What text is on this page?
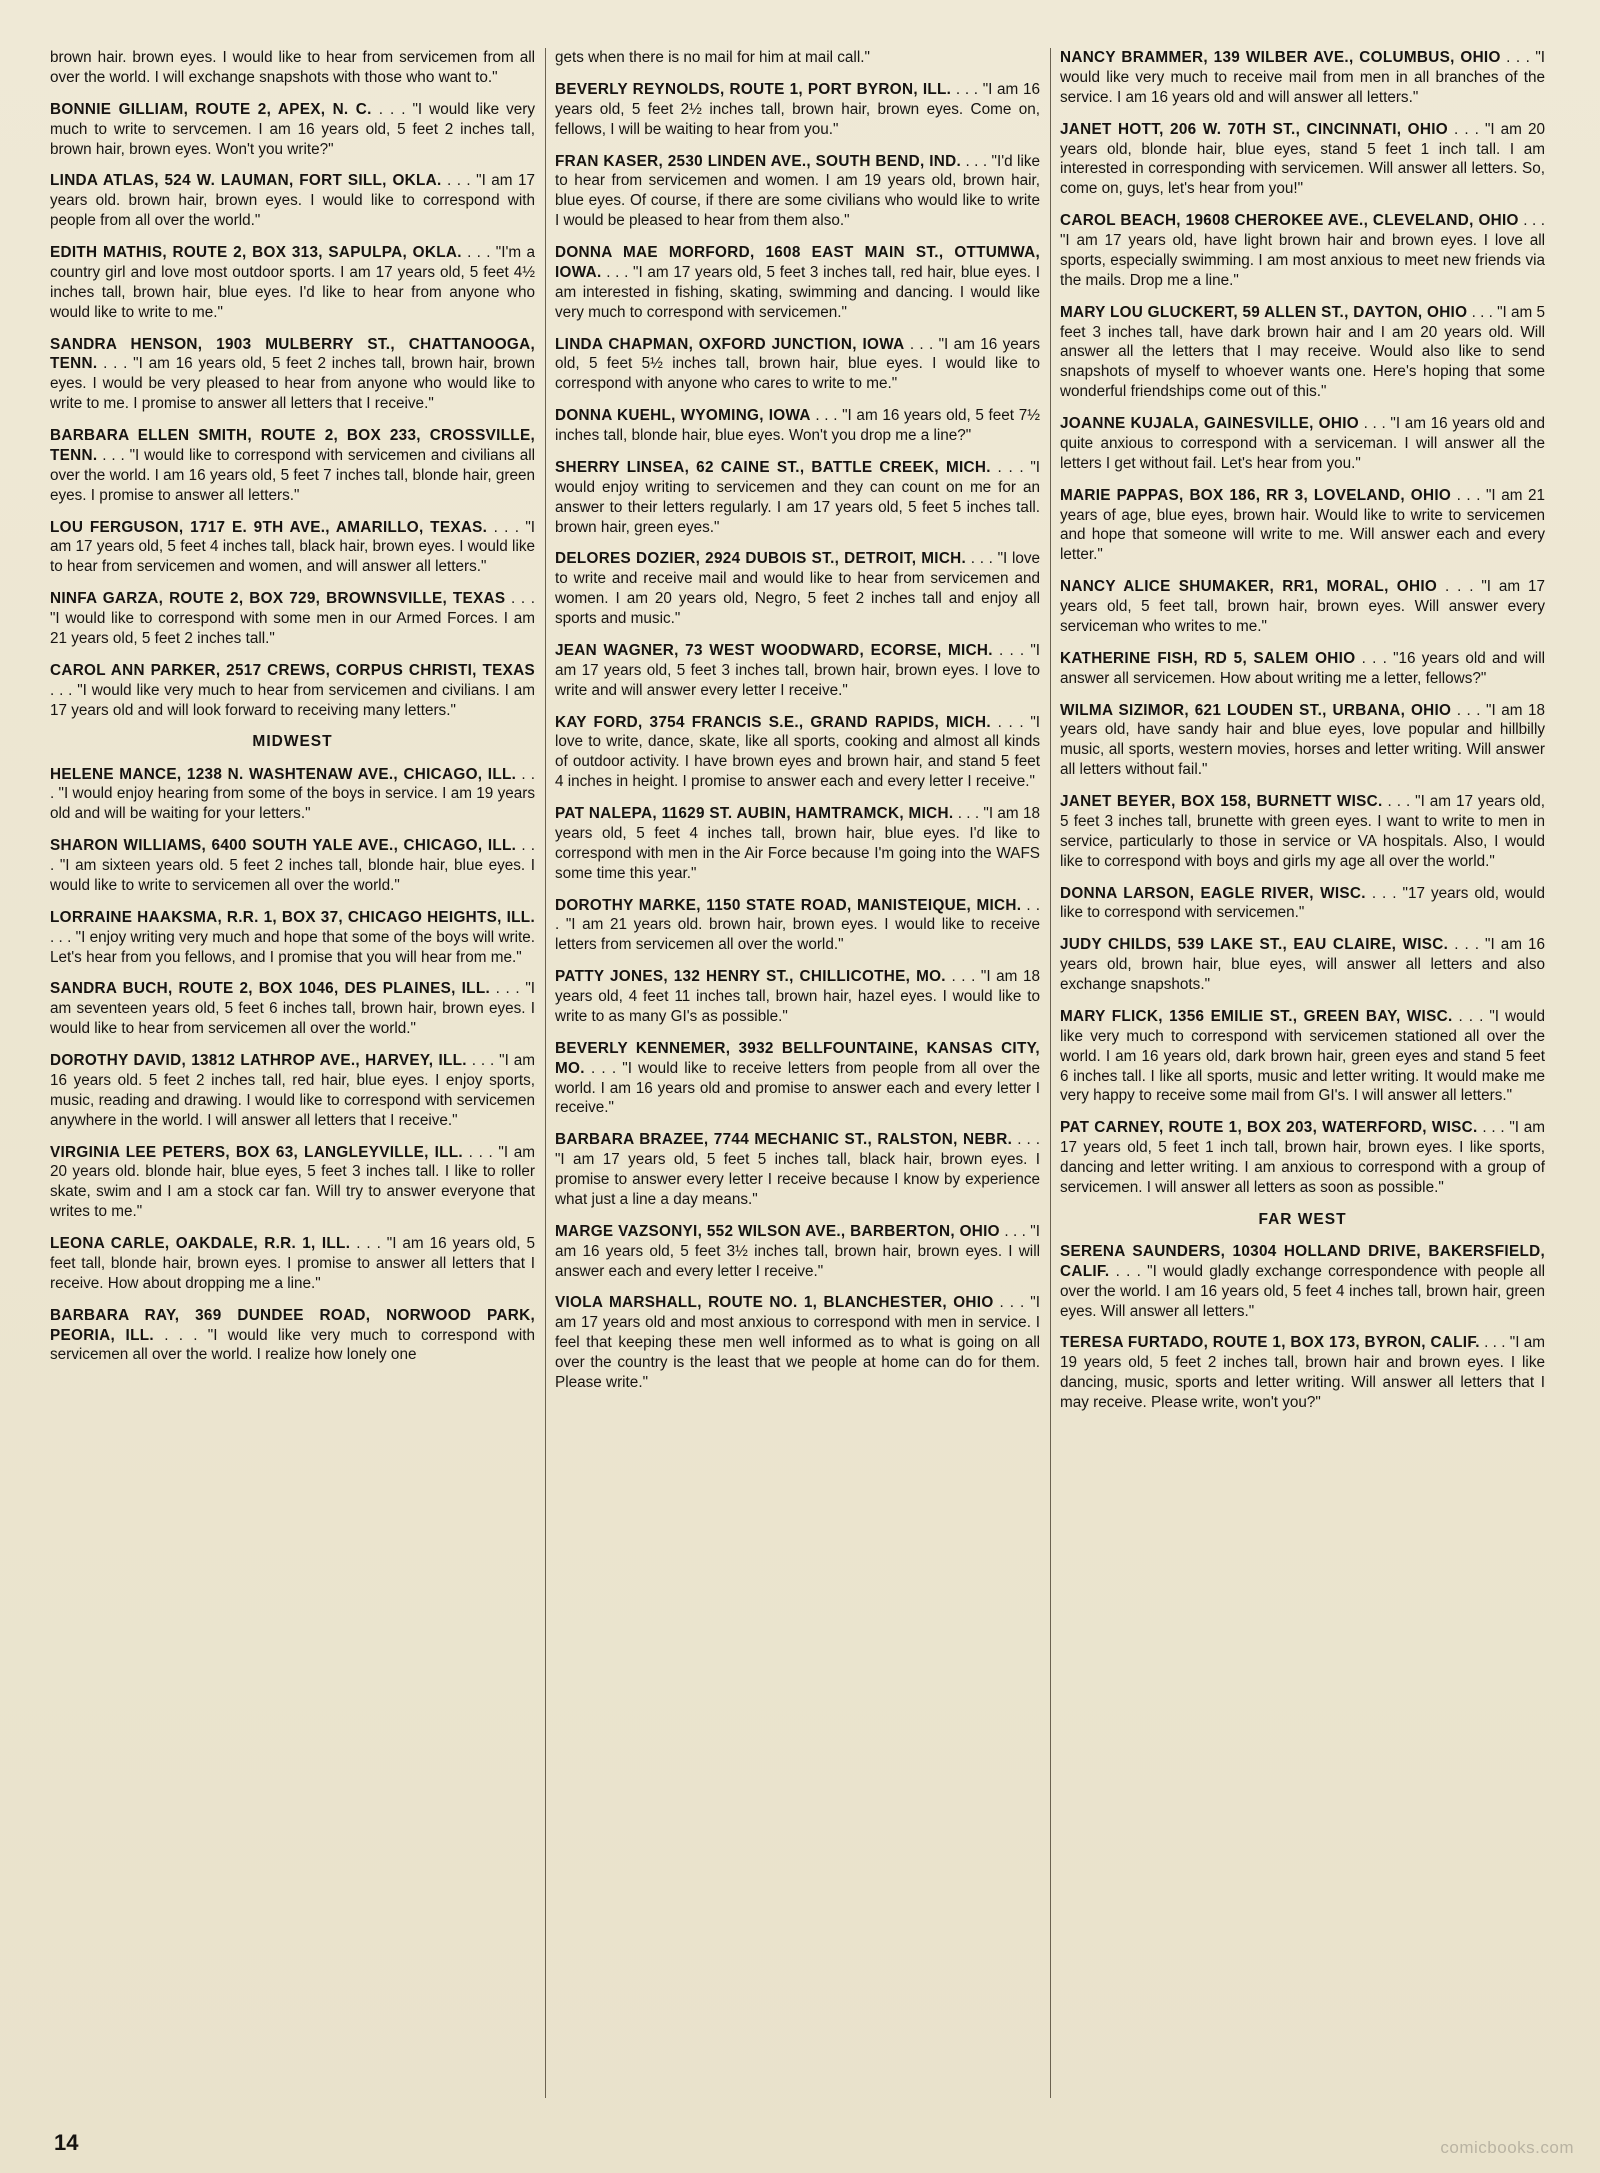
brown hair. brown eyes. I would like to hear from servicemen from all over the world. I will exchange snapshots with those who want to."

BONNIE GILLIAM, ROUTE 2, APEX, N. C. . . . "I would like very much to write to servcemen. I am 16 years old, 5 feet 2 inches tall, brown hair, brown eyes. Won't you write?"

LINDA ATLAS, 524 W. LAUMAN, FORT SILL, OKLA. . . . "I am 17 years old. brown hair, brown eyes. I would like to correspond with people from all over the world."

EDITH MATHIS, ROUTE 2, BOX 313, SAPULPA, OKLA. . . . "I'm a country girl and love most outdoor sports. I am 17 years old, 5 feet 4½ inches tall, brown hair, blue eyes. I'd like to hear from anyone who would like to write to me."

SANDRA HENSON, 1903 MULBERRY ST., CHATTANOOGA, TENN. . . . "I am 16 years old, 5 feet 2 inches tall, brown hair, brown eyes. I would be very pleased to hear from anyone who would like to write to me. I promise to answer all letters that I receive."

BARBARA ELLEN SMITH, ROUTE 2, BOX 233, CROSSVILLE, TENN. . . . "I would like to correspond with servicemen and civilians all over the world. I am 16 years old, 5 feet 7 inches tall, blonde hair, green eyes. I promise to answer all letters."

LOU FERGUSON, 1717 E. 9TH AVE., AMARILLO, TEXAS. . . . "I am 17 years old, 5 feet 4 inches tall, black hair, brown eyes. I would like to hear from servicemen and women, and will answer all letters."

NINFA GARZA, ROUTE 2, BOX 729, BROWNSVILLE, TEXAS . . . "I would like to correspond with some men in our Armed Forces. I am 21 years old, 5 feet 2 inches tall."

CAROL ANN PARKER, 2517 CREWS, CORPUS CHRISTI, TEXAS . . . "I would like very much to hear from servicemen and civilians. I am 17 years old and will look forward to receiving many letters."

MIDWEST

HELENE MANCE, 1238 N. WASHTENAW AVE., CHICAGO, ILL. . . . "I would enjoy hearing from some of the boys in service. I am 19 years old and will be waiting for your letters."

SHARON WILLIAMS, 6400 SOUTH YALE AVE., CHICAGO, ILL. . . . "I am sixteen years old. 5 feet 2 inches tall, blonde hair, blue eyes. I would like to write to servicemen all over the world."

LORRAINE HAAKSMA, R.R. 1, BOX 37, CHICAGO HEIGHTS, ILL. . . . "I enjoy writing very much and hope that some of the boys will write. Let's hear from you fellows, and I promise that you will hear from me."

SANDRA BUCH, ROUTE 2, BOX 1046, DES PLAINES, ILL. . . . "I am seventeen years old, 5 feet 6 inches tall, brown hair, brown eyes. I would like to hear from servicemen all over the world."

DOROTHY DAVID, 13812 LATHROP AVE., HARVEY, ILL. . . . "I am 16 years old. 5 feet 2 inches tall, red hair, blue eyes. I enjoy sports, music, reading and drawing. I would like to correspond with servicemen anywhere in the world. I will answer all letters that I receive."

VIRGINIA LEE PETERS, BOX 63, LANGLEYVILLE, ILL. . . . "I am 20 years old. blonde hair, blue eyes, 5 feet 3 inches tall. I like to roller skate, swim and I am a stock car fan. Will try to answer everyone that writes to me."

LEONA CARLE, OAKDALE, R.R. 1, ILL. . . . "I am 16 years old, 5 feet tall, blonde hair, brown eyes. I promise to answer all letters that I receive. How about dropping me a line."

BARBARA RAY, 369 DUNDEE ROAD, NORWOOD PARK, PEORIA, ILL. . . . "I would like very much to correspond with servicemen all over the world. I realize how lonely one

gets when there is no mail for him at mail call."

BEVERLY REYNOLDS, ROUTE 1, PORT BYRON, ILL. . . . "I am 16 years old, 5 feet 2½ inches tall, brown hair, brown eyes. Come on, fellows, I will be waiting to hear from you."

FRAN KASER, 2530 LINDEN AVE., SOUTH BEND, IND. . . . "I'd like to hear from servicemen and women. I am 19 years old, brown hair, blue eyes. Of course, if there are some civilians who would like to write I would be pleased to hear from them also."

DONNA MAE MORFORD, 1608 EAST MAIN ST., OTTUMWA, IOWA. . . . "I am 17 years old, 5 feet 3 inches tall, red hair, blue eyes. I am interested in fishing, skating, swimming and dancing. I would like very much to correspond with servicemen."

LINDA CHAPMAN, OXFORD JUNCTION, IOWA . . . "I am 16 years old, 5 feet 5½ inches tall, brown hair, blue eyes. I would like to correspond with anyone who cares to write to me."

DONNA KUEHL, WYOMING, IOWA . . . "I am 16 years old, 5 feet 7½ inches tall, blonde hair, blue eyes. Won't you drop me a line?"

SHERRY LINSEA, 62 CAINE ST., BATTLE CREEK, MICH. . . . "I would enjoy writing to servicemen and they can count on me for an answer to their letters regularly. I am 17 years old, 5 feet 5 inches tall. brown hair, green eyes."

DELORES DOZIER, 2924 DUBOIS ST., DETROIT, MICH. . . . "I love to write and receive mail and would like to hear from servicemen and women. I am 20 years old, Negro, 5 feet 2 inches tall and enjoy all sports and music."

JEAN WAGNER, 73 WEST WOODWARD, ECORSE, MICH. . . . "I am 17 years old, 5 feet 3 inches tall, brown hair, brown eyes. I love to write and will answer every letter I receive."

KAY FORD, 3754 FRANCIS S.E., GRAND RAPIDS, MICH. . . . "I love to write, dance, skate, like all sports, cooking and almost all kinds of outdoor activity. I have brown eyes and brown hair, and stand 5 feet 4 inches in height. I promise to answer each and every letter I receive."

PAT NALEPA, 11629 ST. AUBIN, HAMTRAMCK, MICH. . . . "I am 18 years old, 5 feet 4 inches tall, brown hair, blue eyes. I'd like to correspond with men in the Air Force because I'm going into the WAFS some time this year."

DOROTHY MARKE, 1150 STATE ROAD, MANISTEIQUE, MICH. . . . "I am 21 years old. brown hair, brown eyes. I would like to receive letters from servicemen all over the world."

PATTY JONES, 132 HENRY ST., CHILLICOTHE, MO. . . . "I am 18 years old, 4 feet 11 inches tall, brown hair, hazel eyes. I would like to write to as many GI's as possible."

BEVERLY KENNEMER, 3932 BELLFOUNTAINE, KANSAS CITY, MO. . . . "I would like to receive letters from people from all over the world. I am 16 years old and promise to answer each and every letter I receive."

BARBARA BRAZEE, 7744 MECHANIC ST., RALSTON, NEBR. . . . "I am 17 years old, 5 feet 5 inches tall, black hair, brown eyes. I promise to answer every letter I receive because I know by experience what just a line a day means."

MARGE VAZSONYI, 552 WILSON AVE., BARBERTON, OHIO . . . "I am 16 years old, 5 feet 3½ inches tall, brown hair, brown eyes. I will answer each and every letter I receive."

VIOLA MARSHALL, ROUTE NO. 1, BLANCHESTER, OHIO . . . "I am 17 years old and most anxious to correspond with men in service. I feel that keeping these men well informed as to what is going on all over the country is the least that we people at home can do for them. Please write."

NANCY BRAMMER, 139 WILBER AVE., COLUMBUS, OHIO . . . "I would like very much to receive mail from men in all branches of the service. I am 16 years old and will answer all letters."

JANET HOTT, 206 W. 70TH ST., CINCINNATI, OHIO . . . "I am 20 years old, blonde hair, blue eyes, stand 5 feet 1 inch tall. I am interested in corresponding with servicemen. Will answer all letters. So, come on, guys, let's hear from you!"

CAROL BEACH, 19608 CHEROKEE AVE., CLEVELAND, OHIO . . . "I am 17 years old, have light brown hair and brown eyes. I love all sports, especially swimming. I am most anxious to meet new friends via the mails. Drop me a line."

MARY LOU GLUCKERT, 59 ALLEN ST., DAYTON, OHIO . . . "I am 5 feet 3 inches tall, have dark brown hair and I am 20 years old. Will answer all the letters that I may receive. Would also like to send snapshots of myself to whoever wants one. Here's hoping that some wonderful friendships come out of this."

JOANNE KUJALA, GAINESVILLE, OHIO . . . "I am 16 years old and quite anxious to correspond with a serviceman. I will answer all the letters I get without fail. Let's hear from you."

MARIE PAPPAS, BOX 186, RR 3, LOVELAND, OHIO . . . "I am 21 years of age, blue eyes, brown hair. Would like to write to servicemen and hope that someone will write to me. Will answer each and every letter."

NANCY ALICE SHUMAKER, RR1, MORAL, OHIO . . . "I am 17 years old, 5 feet tall, brown hair, brown eyes. Will answer every serviceman who writes to me."

KATHERINE FISH, RD 5, SALEM OHIO . . . "16 years old and will answer all servicemen. How about writing me a letter, fellows?"

WILMA SIZIMOR, 621 LOUDEN ST., URBANA, OHIO . . . "I am 18 years old, have sandy hair and blue eyes, love popular and hillbilly music, all sports, western movies, horses and letter writing. Will answer all letters without fail."

JANET BEYER, BOX 158, BURNETT WISC. . . . "I am 17 years old, 5 feet 3 inches tall, brunette with green eyes. I want to write to men in service, particularly to those in service or VA hospitals. Also, I would like to correspond with boys and girls my age all over the world."

DONNA LARSON, EAGLE RIVER, WISC. . . . "17 years old, would like to correspond with servicemen."

JUDY CHILDS, 539 LAKE ST., EAU CLAIRE, WISC. . . . "I am 16 years old, brown hair, blue eyes, will answer all letters and also exchange snapshots."

MARY FLICK, 1356 EMILIE ST., GREEN BAY, WISC. . . . "I would like very much to correspond with servicemen stationed all over the world. I am 16 years old, dark brown hair, green eyes and stand 5 feet 6 inches tall. I like all sports, music and letter writing. It would make me very happy to receive some mail from GI's. I will answer all letters."

PAT CARNEY, ROUTE 1, BOX 203, WATERFORD, WISC. . . . "I am 17 years old, 5 feet 1 inch tall, brown hair, brown eyes. I like sports, dancing and letter writing. I am anxious to correspond with a group of servicemen. I will answer all letters as soon as possible."

FAR WEST

SERENA SAUNDERS, 10304 HOLLAND DRIVE, BAKERSFIELD, CALIF. . . . "I would gladly exchange correspondence with people all over the world. I am 16 years old, 5 feet 4 inches tall, brown hair, green eyes. Will answer all letters."

TERESA FURTADO, ROUTE 1, BOX 173, BYRON, CALIF. . . . "I am 19 years old, 5 feet 2 inches tall, brown hair and brown eyes. I like dancing, music, sports and letter writing. Will answer all letters that I may receive. Please write, won't you?"

14	comicbooks.com
